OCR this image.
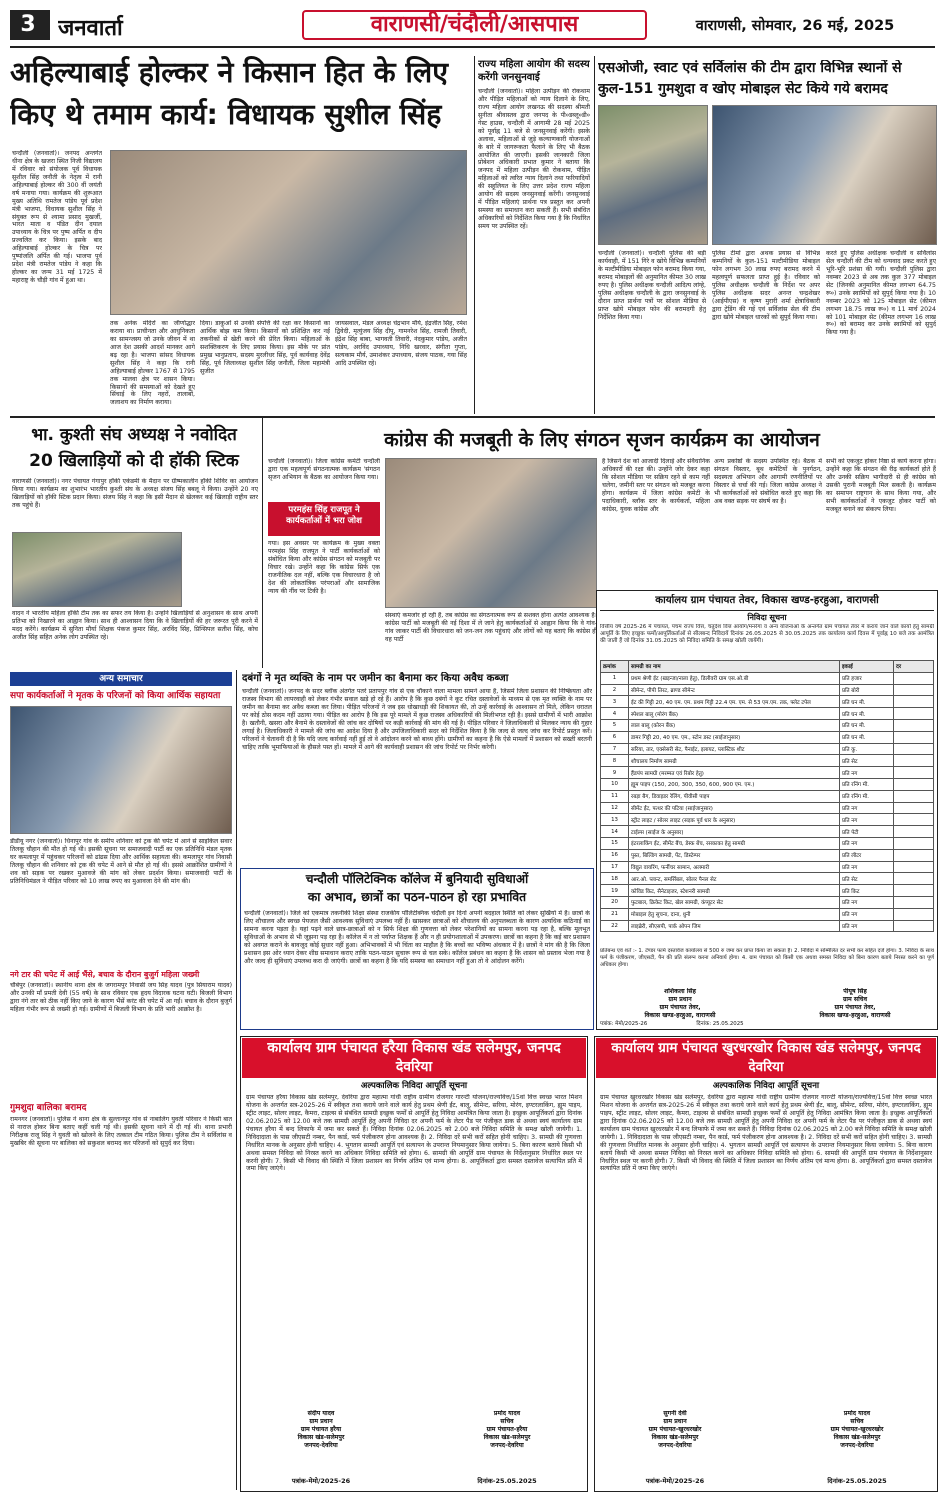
3	जनवार्ता	वाराणसी/चंदौली/आसपास	वाराणसी, सोमवार, 26 मई, 2025
अहिल्याबाई होल्कर ने किसान हित के लिए
किए थे तमाम कार्य: विधायक सुशील सिंह
चन्दौली (जनवार्ता)। जनपद अन्तर्गत धीना क्षेत्र के खजरा स्थित निजी विद्यालय में रविवार को संयोजक पूर्व विधायक सुशील सिंह जनौती के नेतृत्व में रानी अहिल्याबाई होल्कर की 300 वीं जयंती वर्ष मनाया गया। कार्यक्रम की शुरूआत मुख्य अतिथि रामतेज पांडेय पूर्व प्रदेश मंत्री भाजपा, विधायक सुशील सिंह ने संयुक्त रूप से श्यामा प्रसाद मुखर्जी, भारत माता व पंडित दीन दयाल उपाध्याय के चित्र पर पुष्प अर्पित व दीप प्रज्वलित कर किया। इसके बाद अहिल्याबाई होल्कर के चित्र पर पुष्पांजलि अर्पित की गई। भाजपा पूर्व प्रदेश मंत्री रामतेज पांडेय ने कहा कि होल्कर का जन्म 31 मई 1725 में महाराष्ट्र के चौड़ी गांव में हुआ था।
तक अनेक मंदिरों का जीर्णोद्धार कराया था। प्राचीनता और आधुनिकता का सामन्जस्य जो उनके जीवन में था आज देश उसकी आदर्श मानकर आगे बढ़ रहा है। भाजपा सांसद विधायक सुशील सिंह ने कहा कि रानी अहिल्याबाई होल्कर 1767 से 1795 तक मालवा क्षेत्र पर शासन किया। किसानों की समस्याओं को देखते हुए सिंचाई के लिए नहरों, तालाबों, जलाशय का निर्माण कराया।
दिया। डाकुओं से उनकी संपत्ति की रक्षा कर किसानों का आर्थिक बोझ कम किया। किसानों को प्रशिक्षित कर नई तकनीकों से खेती करने की प्रेरित किया। महिलाओं के सशक्तिकरण के लिए प्रयास किया। इस मौके पर प्रांत प्रमुख भानुप्रताप, सदस्य मुरलीधर सिंह, पूर्व कार्यवाह देवेंद्र सिंह, पूर्व जिलाध्यक्ष सुशील सिंह जनौती, जिला महामंत्री सुजीत
जायसवाल, मंडल अध्यक्ष चंद्रभान मौर्य, इंद्रजीत सिंह, रमेश द्विवेदी, मृत्युंजय सिंह दीपू, गामनरेश सिंह, रामजी तिवारी, इंद्रेश सिंह बाबा, भागवती तिवारी, नंदकुमार पांडेय, अजीत पांडेय, अरविंद उपाध्याय, निधि खरवार, संगीता गुप्ता, सत्यकाम मौर्य, उमाशंकर उपाध्याय, संजय पाठक, गया सिंह आदि उपस्थित रहे।
राज्य महिला आयोग की सदस्य करेंगी जनसुनवाई
चन्दौली (जनवार्ता)। महिला उत्पीड़न की रोकथाम और पीड़ित महिलाओं को न्याय दिलाने के लिए, राज्य महिला आयोग लखनऊ की सदस्या श्रीमती सुनीता श्रीवास्तव द्वारा जनपद के पी०डब्लू०डी० गेस्ट हाउस, चन्दौली में आगामी 28 मई 2025 को पूर्वाह्न 11 बजे से जनसुनवाई करेंगी। इसके अलावा, महिलाओं से जुड़े कल्याणकारी योजनाओं के बारे में जागरूकता फैलाने के लिए भी बैठक आयोजित की जाएगी। इसकी जानकारी जिला प्रोबेशन अधिकारी प्रभात कुमार ने बताया कि जनपद में महिला उत्पीड़न की रोकथाम, पीड़ित महिलाओं को त्वरित न्याय दिलाने तथा फरियादियों की सहूलियत के लिए उत्तर प्रदेश राज्य महिला आयोग की सदस्य जनसुनवाई करेंगी। जनसुनवाई में पीड़ित महिलाएं प्रार्थना पत्र प्रस्तुत कर अपनी समस्या का समाधान करा सकती हैं। सभी संबंधित अधिकारियों को निर्देशित किया गया है कि निर्धारित समय पर उपस्थित रहें।
एसओजी, स्वाट एवं सर्विलांस की टीम द्वारा विभिन्न स्थानों से
कुल-151 गुमशुदा व खोए मोबाइल सेट किये गये बरामद
चन्दौली (जनवार्ता)। चन्दौली पुलिस की बड़ी कार्यवाही, में 151 गिरे व खोये विभिन्न कम्पनियों के मल्टीमीडिया मोबाइल फोन बरामद किया गया, बरामद मोबाइलों की अनुमानित कीमत 30 लाख रुपए है। पुलिस अधीक्षक चन्दौली आदित्य लांग्हे, पुलिस अधीक्षक चन्दौली के द्वारा जनसुनवाई के दौरान प्राप्त प्रार्थना पत्रों पर सोशल मीडिया से प्राप्त खोये मोबाइल फोन की बरामदगी हेतु निर्देशित किया गया।
पुलिस टीमों द्वारा अथक प्रयास से विभिन्न कम्पनियों के कुल-151 मल्टीमीडिया मोबाइल फोन लगभग 30 लाख रुपए बरामद करने में महत्वपूर्ण सफलता प्राप्त हुई है। रविवार को पुलिस अधीक्षक चन्दौली के निर्देश पर अपर पुलिस अधीक्षक सदर अनन्त चन्द्रशेखर (आईपीएस) व कृष्ण मुरारी शर्मा क्षेत्राधिकारी द्वारा ट्रेडिंग की गई एवं सर्विलांस सेल की टीम द्वारा खोये मोबाइल धारकों को सुपुर्द किया गया।
करते हुए पुलिस अधीक्षक चन्दौली व सर्विलांस सेल चन्दौली की टीम को धन्यवाद प्रकट करते हुए भूरि-भूरि प्रशंसा की गयी। चन्दौली पुलिस द्वारा नवम्बर 2023 से अब तक कुल 377 मोबाइल सेट (जिनकी अनुमानित कीमत लगभग 64.75 रू०) उनके स्वामियों को सुपुर्द किया गया है। 10 नवम्बर 2023 को 125 मोबाइल सेट (कीमत लगभग 18.75 लाख रू०) व 11 मार्च 2024 को 101 मोबाइल सेट (कीमत लगभग 16 लाख रू०) को बरामद कर उनके स्वामियों को सुपुर्द किया गया है।
भा. कुश्ती संघ अध्यक्ष ने नवोदित
20 खिलाड़ियों को दी हॉकी स्टिक
वाराणसी (जनवार्ता)। नगर पंचायत गंगापुर हॉकी एकेडमी के मैदान पर ग्रीष्मकालीन हॉकी शिविर का आयोजन किया गया। कार्यक्रम का शुभारंभ भारतीय कुश्ती संघ के अध्यक्ष संजय सिंह बबलू ने किया। उन्होंने 20 नए खिलाड़ियों को हॉकी स्टिक प्रदान किया। संजय सिंह ने कहा कि इसी मैदान से खेलकर कई खिलाड़ी राष्ट्रीय स्तर तक पहुंचे हैं।
वादन ने भारतीय महिला हॉकी टीम तक का सफर तय किया है। उन्होंने खिलाड़ियों से अनुशासन के साथ अपनी प्रतिभा को निखारने का आह्वान किया। साथ ही आश्वासन दिया कि वे खिलाड़ियों की हर जरूरत पूरी करने में मदद करेंगे। कार्यक्रम में सुनिता मौर्या शिक्षक पंकज कुमार सिंह, अरविंद सिंह, प्रिन्सिपल सतीश सिंह, कोच अजीत सिंह सहित अनेक लोग उपस्थित रहे।
कांग्रेस की मजबूती के लिए संगठन सृजन कार्यक्रम का आयोजन
चन्दौली (जनवार्ता)। जिला कांग्रेस कमेटी चन्दौली द्वारा एक महत्वपूर्ण संगठनात्मक कार्यक्रम 'संगठन सृजन अभियान के बैठक का आयोजन किया गया।
परमहंस सिंह राजपूत ने कार्यकर्ताओं में भरा जोश
गया। इस अवसर पर कार्यक्रम के मुख्य वक्ता परमहंस सिंह राजपूत ने पार्टी कार्यकर्ताओं को संबोधित किया और कांग्रेस संगठन को मजबूती पर विचार रखे। उन्होंने कहा कि कांग्रेस सिर्फ एक राजनीतिक दल नहीं, बल्कि एक विचारधारा है जो देश की लोकतांत्रिक परंपराओं और सामाजिक न्याय की नींव पर टिकी है।
संस्थाएं कमजोर हो रही हैं, तब कांग्रेस का संगठनात्मक रूप से सशक्त होना अत्यंत आवश्यक है। कांग्रेस पार्टी को मजबूती की नई दिशा में ले जाने हेतु कार्यकर्ताओं से आह्वान किया कि वे गांव-गांव जाकर पार्टी की विचारधारा को जन-जन तक पहुंचाएं और लोगों को यह बताएं कि कांग्रेस ही वह पार्टी
है जिसने देश को आजादी दिलाई और संवैधानिक अधिकारों की रक्षा की। उन्होंने जोर देकर कहा कि सोशल मीडिया पर सक्रिय रहने से काम नहीं चलेगा, जमीनी स्तर पर संगठन को मजबूत करना होगा। कार्यक्रम में जिला कांग्रेस कमेटी के पदाधिकारी, ब्लॉक स्तर के कार्यकर्ता, महिला कांग्रेस, युवक कांग्रेस और
अन्य प्रकोष्ठों के सदस्य उपस्थित रहे। बैठक में संगठन विस्तार, बूथ कमेटियों के पुनर्गठन, सदस्यता अभियान और आगामी रणनीतियों पर विस्तार से चर्चा की गई। जिला कांग्रेस अध्यक्ष ने भी कार्यकर्ताओं को संबोधित करते हुए कहा कि अब वक्त सड़क पर संघर्ष का है।
सभी को एकजुट होकर निष्ठा से कार्य करना होगा। उन्होंने कहा कि संगठन की रीढ़ कार्यकर्ता होते हैं और उनकी सक्रिय भागीदारी से ही कांग्रेस को उसकी पुरानी मजबूती मिल सकती है। कार्यक्रम का समापन राष्ट्रगान के साथ किया गया, और सभी कार्यकर्ताओं ने एकजुट होकर पार्टी को मजबूत बनाने का संकल्प लिया।
कार्यालय ग्राम पंचायत तेवर, विकास खण्ड-हरहुआ, वाराणसी
निविदा सूचना
वित्तीय वर्ष 2025-26 में पंचायत, पंचम राज्य वित्त, चतुर्दश वित्त आयोग/मनरेगा व अन्य योजनाओं के अन्तर्गत ग्राम पंचायत तेवर में कराये जाने वाले कार्यों हेतु सामग्री आपूर्ति के लिए इच्छुक फर्मों/आपूर्तिकर्ताओं से सीलबन्द निविदायें दिनांक 26.05.2025 से 30.05.2025 तक कार्यालय कार्य दिवस में पूर्वाह्न 10 बजे तक आमंत्रित की जाती हैं जो दिनांक 31.05.2025 को निविदा समिति के समक्ष खोली जायेंगी।
क्रमांक	सामग्री का नाम	इकाई	दर
1	प्रथम श्रेणी ईट (खड़न्जा/नाला हेतु), डिलीवरी ग्राम एस.ओ.बी	प्रति हजार	
2	सीमेन्ट, पीपी तिरट, ब्राण्ड सीमेन्ट	प्रति बोरी	
3	ईट की गिट्टी 20, 40 एम. एम. प्रथम गिट्टी 22.4 एम. एम. से 53 एम.एम. तक, फ्लेट टपेल	प्रति घन मी.	
4	स्पेशल बालू (मोरंग बैंक)	प्रति घन मी.	
5	लाल बालू (कोरन बैंक)	प्रति घन मी.	
6	डामर गिट्टी 20, 40 एम. एम., स्टोन डस्ट (साईजानुसार)	प्रति घन मी.	
7	सरिया, तार, एक्सेसरी सेट, पैनाईट, इलायट, प्लास्टिक शीट	प्रति कु.	
8	शौचालय निर्माण सामग्री	प्रति सेट	
9	हैंडपंप सामग्री (मरम्मत एवं रिबोर हेतु)	प्रति नग	
10	ह्यूम पाइप (150, 200, 300, 350, 600, 900 एम. एम.)	प्रति रनिंग मी.	
11	रबड़ा बैग, डिवाइडर रेलिंग, पीवीसी पाइप	प्रति रनिंग मी.	
12	सीमेंट ईंट, पत्थर की पटिया (साईजानुसार)	प्रति नग	
13	स्ट्रीट लाइट / सोलर लाइट (सड़क पूर्व धार के अनुसार)	प्रति नग	
14	टाईल्स (साईज के अनुसार)	प्रति पेटी	
15	इंटरलाकिंग ईंट, सीमेंट बैंच, डेस्क बेंच, रसकाका हेतु सामग्री	प्रति नग	
16	पुस्त, बिल्डिंग सामग्री, पेंट, डिस्टेम्पर	प्रति लीटर	
17	विद्युत वायरिंग, फर्नीचर सामान, अलमारी	प्रति नग	
18	आर.ओ. प्लान्ट, समर्सिबल, सोलर पैनल सेट	प्रति सेट	
19	कोविड किट, सैनेटाइजर, स्टेशनरी सामग्री	प्रति किट	
20	फुटबाल, क्रिकेट किट, खेल सामग्री, कंप्यूटर सेट	प्रति नग	
21	मोबाइल हेतु सूचना, दाना, धुनी	प्रति नग	
22	लाइब्रेरी, सीएसपी, पार्क ओपन जिम	प्रति नग	
प्रतिबन्ध एवं शर्तें :- 1. टेण्डर फार्म दस्तावेज कार्यालय से 500 रु जमा कर प्राप्त किया जा सकता है। 2. निविदा में सम्मिलित दर सभी कर सहित दर्ज होगा। 3. निविदा के साथ फर्म के पंजीकरण, जीएसटी, पैन की प्रति संलग्न करना अनिवार्य होगा। 4. ग्राम पंचायत को किसी एक अथवा समस्त निविदा को बिना कारण बताये निरस्त करने का पूर्ण अधिकार होगा।
शशिकला सिंह
ग्राम प्रधान
ग्राम पंचायत तेवर,
विकास खण्ड-हरहुआ, वाराणसी
पीयूष सिंह
ग्राम सचिव
ग्राम पंचायत तेवर,
विकास खण्ड-हरहुआ, वाराणसी
पत्रांक: मेमो/2025-26	दिनांक: 25.05.2025
अन्य समाचार
सपा कार्यकर्ताओं ने मृतक के परिजनों को किया आर्थिक सहायता
डीडीयू नगर (जनवार्ता)। धिनापुर गांव के समीप शनिवार को ट्रक की चपेट में आने से साइकिल सवार तिलकू चौहान की मौत हो गई थी। इसकी सूचना पर समाजवादी पार्टी का एक प्रतिनिधि मंडल मृतक घर कमलापुर में पहुंचकर परिजनों को ढांढस दिया और आर्थिक सहायता की। कमलापुर गांव निवासी तिलकू चौहान की शनिवार को ट्रक की चपेट में आने से मौत हो गई थी। इससे आक्रोशित ग्रामीणों ने शव को सड़क पर रखकर मुआवजे की मांग को लेकर प्रदर्शन किया। समाजवादी पार्टी के प्रतिनिधिमंडल ने पीड़ित परिवार को 10 लाख रुपए का मुआवजा देने की मांग की।
नगे टार की चपेट में आई भैंसे, बचाव के दौरान बुजुर्ग महिला जख्मी
चौबेपुर (जनवार्ता)। स्थानीय थाना क्षेत्र के जगरामपुर निवासी जय सिंह यादव (पुत्र सियाराम यादव) और उनकी माँ प्रमती देवी (55 वर्ष) के साथ रविवार एक हृदय विदारक घटना घटी। बिजली विभाग द्वारा नंगे तार को ठीक नहीं किए जाने के कारण भैंसें करंट की चपेट में आ गईं। बचाव के दौरान बुजुर्ग महिला गंभीर रूप से जख्मी हो गई। ग्रामीणों में बिजली विभाग के प्रति भारी आक्रोश है।
गुमशुदा बालिका बरामद
रामनगर (जनवार्ता)। पुलिस ने थाना क्षेत्र के सुल्तानपुर गांव से नाबालिग युवती परिवार ने किसी बात से नाराज होकर बिना बताए कहीं चली गई थी। इसकी सूचना थाने में दी गई थी। थाना प्रभारी निरीक्षक राजू सिंह ने युवती को खोजने के लिए तत्काल टीम गठित किया। पुलिस टीम ने सर्विलांस व मुखबिर की सूचना पर बालिका को सकुशल बरामद कर परिजनों को सुपुर्द कर दिया।
दबंगों ने मृत व्यक्ति के नाम पर जमीन का बैनामा कर किया अवैध कब्जा
चन्दौली (जनवार्ता)। जनपद के सदर ब्लॉक अंतर्गत पतरे प्रतापपुर गांव से एक चौंकाने वाला मामला सामने आया है, जिसमें जिला प्रशासन की निष्क्रियता और राजस्व विभाग की लापरवाही को लेकर गंभीर सवाल खड़े हो रहे हैं। आरोप है कि कुछ दबंगों ने कूट रचित दस्तावेजों के माध्यम से एक मृत व्यक्ति के नाम पर जमीन का बैनामा कर अवैध कब्जा कर लिया। पीड़ित परिजनों ने जब इस धोखाधड़ी की शिकायत की, तो उन्हें कार्रवाई के आश्वासन तो मिले, लेकिन धरातल पर कोई ठोस कदम नहीं उठाया गया। पीड़ित का आरोप है कि इस पूरे मामले में कुछ राजस्व अधिकारियों की मिलीभगत रही है। इससे ग्रामीणों में भारी आक्रोश है। खतौनी, खसरा और बैनामे के दस्तावेजों की जांच कर दोषियों पर कड़ी कार्रवाई की मांग की गई है। पीड़ित परिवार ने जिलाधिकारी से मिलकर न्याय की गुहार लगाई है। जिलाधिकारी ने मामले की जांच का आदेश दिया है और उपजिलाधिकारी सदर को निर्देशित किया है कि जल्द से जल्द जांच कर रिपोर्ट प्रस्तुत करें। परिजनों ने चेतावनी दी है कि यदि जल्द कार्रवाई नहीं हुई तो वे आंदोलन करने को बाध्य होंगे। ग्रामीणों का कहना है कि ऐसे मामलों में प्रशासन को सख्ती बरतनी चाहिए ताकि भूमाफियाओं के हौसले पस्त हों। मामले में आगे की कार्यवाही प्रशासन की जांच रिपोर्ट पर निर्भर करेगी।
चन्दौली पॉलिटेक्निक कॉलेज में बुनियादी सुविधाओं
का अभाव, छात्रों का पठन-पाठन हो रहा प्रभावित
चन्दौली (जनवार्ता)। जिले को एकमात्र तकनीकी शिक्षा संस्था राजकीय पॉलिटेक्निक चंदौली इन दिनों अपनी बदहाल स्थिति को लेकर सुर्खियों में है। छात्रों के लिए शौचालय और स्वच्छ पेयजल जैसी आवश्यक सुविधाएं उपलब्ध नहीं हैं। खासकर छात्राओं को शौचालय की अनुपलब्धता के कारण अत्यधिक कठिनाई का सामना करना पड़ता है। यहां पढ़ने वाले छात्र-छात्राओं को न सिर्फ शिक्षा की गुणवत्ता को लेकर परेशानियों का सामना करना पड़ रहा है, बल्कि मूलभूत सुविधाओं के अभाव से भी जूझना पड़ रहा है। कॉलेज में न तो पर्याप्त शिक्षक हैं और न ही प्रयोगशालाओं में उपकरण। छात्रों का कहना है कि कई बार प्रशासन को अवगत कराने के बावजूद कोई सुधार नहीं हुआ। अभिभावकों में भी चिंता का माहौल है कि बच्चों का भविष्य अंधकार में है। छात्रों ने मांग की है कि जिला प्रशासन इस ओर ध्यान देकर शीघ्र समाधान कराए ताकि पठन-पाठन सुचारू रूप से चल सके। कॉलेज प्रबंधन का कहना है कि शासन को प्रस्ताव भेजा गया है और जल्द ही सुविधाएं उपलब्ध करा दी जाएंगी। छात्रों का कहना है कि यदि समस्या का समाधान नहीं हुआ तो वे आंदोलन करेंगे।
कार्यालय ग्राम पंचायत हरैया विकास खंड सलेमपुर, जनपद देवरिया
अल्पकालिक निविदा आपूर्ति सूचना
ग्राम पंचायत हरैया विकास खंड सलेमपुर, देवरिया द्वारा महात्मा गांधी राष्ट्रीय ग्रामीण रोजगार गारन्टी योजना/राज्यवित्त/15वां वित्त स्वच्छ भारत मिशन योजना के अन्तर्गत सत्र-2025-26 में स्वीकृत तथा कराये जाने वाले कार्य हेतु प्रथम श्रेणी ईंट, बालू, सीमेन्ट, सरिया, मोरंग, इण्टरलाकिंग, ह्यूम पाइप, स्ट्रीट लाइट, सोलर लाइट, कैमरा, टाइल्स से संबंधित सामग्री इच्छुक फर्मों से आपूर्ति हेतु निविदा आमंत्रित किया जाता है। इच्छुक आपूर्तिकर्ता द्वारा दिनांक 02.06.2025 को 12.00 बजे तक सामग्री आपूर्ति हेतु अपनी निविदा दर अपनी फर्म के लेटर पैड पर पंजीकृत डाक से अथवा स्वयं कार्यालय ग्राम पंचायत हरैया में बन्द लिफाफे में जमा कर सकते हैं। निविदा दिनांक 02.06.2025 को 2.00 बजे निविदा समिति के समक्ष खोली जायेगी। 1. निविदादाता के पास जीएसटी नम्बर, पैन कार्ड, फर्म पंजीकरण होना आवश्यक है। 2. निविदा दरें सभी करों सहित होनी चाहिए। 3. सामग्री की गुणवत्ता निर्धारित मानक के अनुसार होनी चाहिए। 4. भुगतान सामग्री आपूर्ति एवं सत्यापन के उपरान्त नियमानुसार किया जायेगा। 5. बिना कारण बताये किसी भी अथवा समस्त निविदा को निरस्त करने का अधिकार निविदा समिति को होगा। 6. सामग्री की आपूर्ति ग्राम पंचायत के निर्देशानुसार निर्धारित स्थल पर करनी होगी। 7. किसी भी विवाद की स्थिति में जिला प्रशासन का निर्णय अंतिम एवं मान्य होगा। 8. आपूर्तिकर्ता द्वारा समस्त दस्तावेज सत्यापित प्रति में जमा किए जाएंगे।
संदीप यादव
ग्राम प्रधान
ग्राम पंचायत हरैया
विकास खंड-सलेमपुर
जनपद-देवरिया
प्रमोद यादव
सचिव
ग्राम पंचायत-हरैया
विकास खंड-सलेमपुर
जनपद-देवरिया
पत्रांक-मेमो/2025-26	दिनांक-25.05.2025
कार्यालय ग्राम पंचायत खुरधरखोर विकास खंड सलेमपुर, जनपद देवरिया
अल्पकालिक निविदा आपूर्ति सूचना
ग्राम पंचायत खुरधरखोर विकास खंड सलेमपुर, देवरिया द्वारा महात्मा गांधी राष्ट्रीय ग्रामीण रोजगार गारन्टी योजना/राज्यवित्त/15वां वित्त स्वच्छ भारत मिशन योजना के अन्तर्गत सत्र-2025-26 में स्वीकृत तथा कराये जाने वाले कार्य हेतु प्रथम श्रेणी ईंट, बालू, सीमेन्ट, सरिया, मोरंग, इण्टरलाकिंग, ह्यूम पाइप, स्ट्रीट लाइट, सोलर लाइट, कैमरा, टाइल्स से संबंधित सामग्री इच्छुक फर्मों से आपूर्ति हेतु निविदा आमंत्रित किया जाता है। इच्छुक आपूर्तिकर्ता द्वारा दिनांक 02.06.2025 को 12.00 बजे तक सामग्री आपूर्ति हेतु अपनी निविदा दर अपनी फर्म के लेटर पैड पर पंजीकृत डाक से अथवा स्वयं कार्यालय ग्राम पंचायत खुरधरखोर में बन्द लिफाफे में जमा कर सकते हैं। निविदा दिनांक 02.06.2025 को 2.00 बजे निविदा समिति के समक्ष खोली जायेगी। 1. निविदादाता के पास जीएसटी नम्बर, पैन कार्ड, फर्म पंजीकरण होना आवश्यक है। 2. निविदा दरें सभी करों सहित होनी चाहिए। 3. सामग्री की गुणवत्ता निर्धारित मानक के अनुसार होनी चाहिए। 4. भुगतान सामग्री आपूर्ति एवं सत्यापन के उपरान्त नियमानुसार किया जायेगा। 5. बिना कारण बताये किसी भी अथवा समस्त निविदा को निरस्त करने का अधिकार निविदा समिति को होगा। 6. सामग्री की आपूर्ति ग्राम पंचायत के निर्देशानुसार निर्धारित स्थल पर करनी होगी। 7. किसी भी विवाद की स्थिति में जिला प्रशासन का निर्णय अंतिम एवं मान्य होगा। 8. आपूर्तिकर्ता द्वारा समस्त दस्तावेज सत्यापित प्रति में जमा किए जाएंगे।
सुगनी देवी
ग्राम प्रधान
ग्राम पंचायत-खुरधरखोर
विकास खंड-सलेमपुर
जनपद-देवरिया
प्रमोद यादव
सचिव
ग्राम पंचायत-खुरधरखोर
विकास खंड-सलेमपुर
जनपद-देवरिया
पत्रांक-मेमो/2025-26	दिनांक-25.05.2025
